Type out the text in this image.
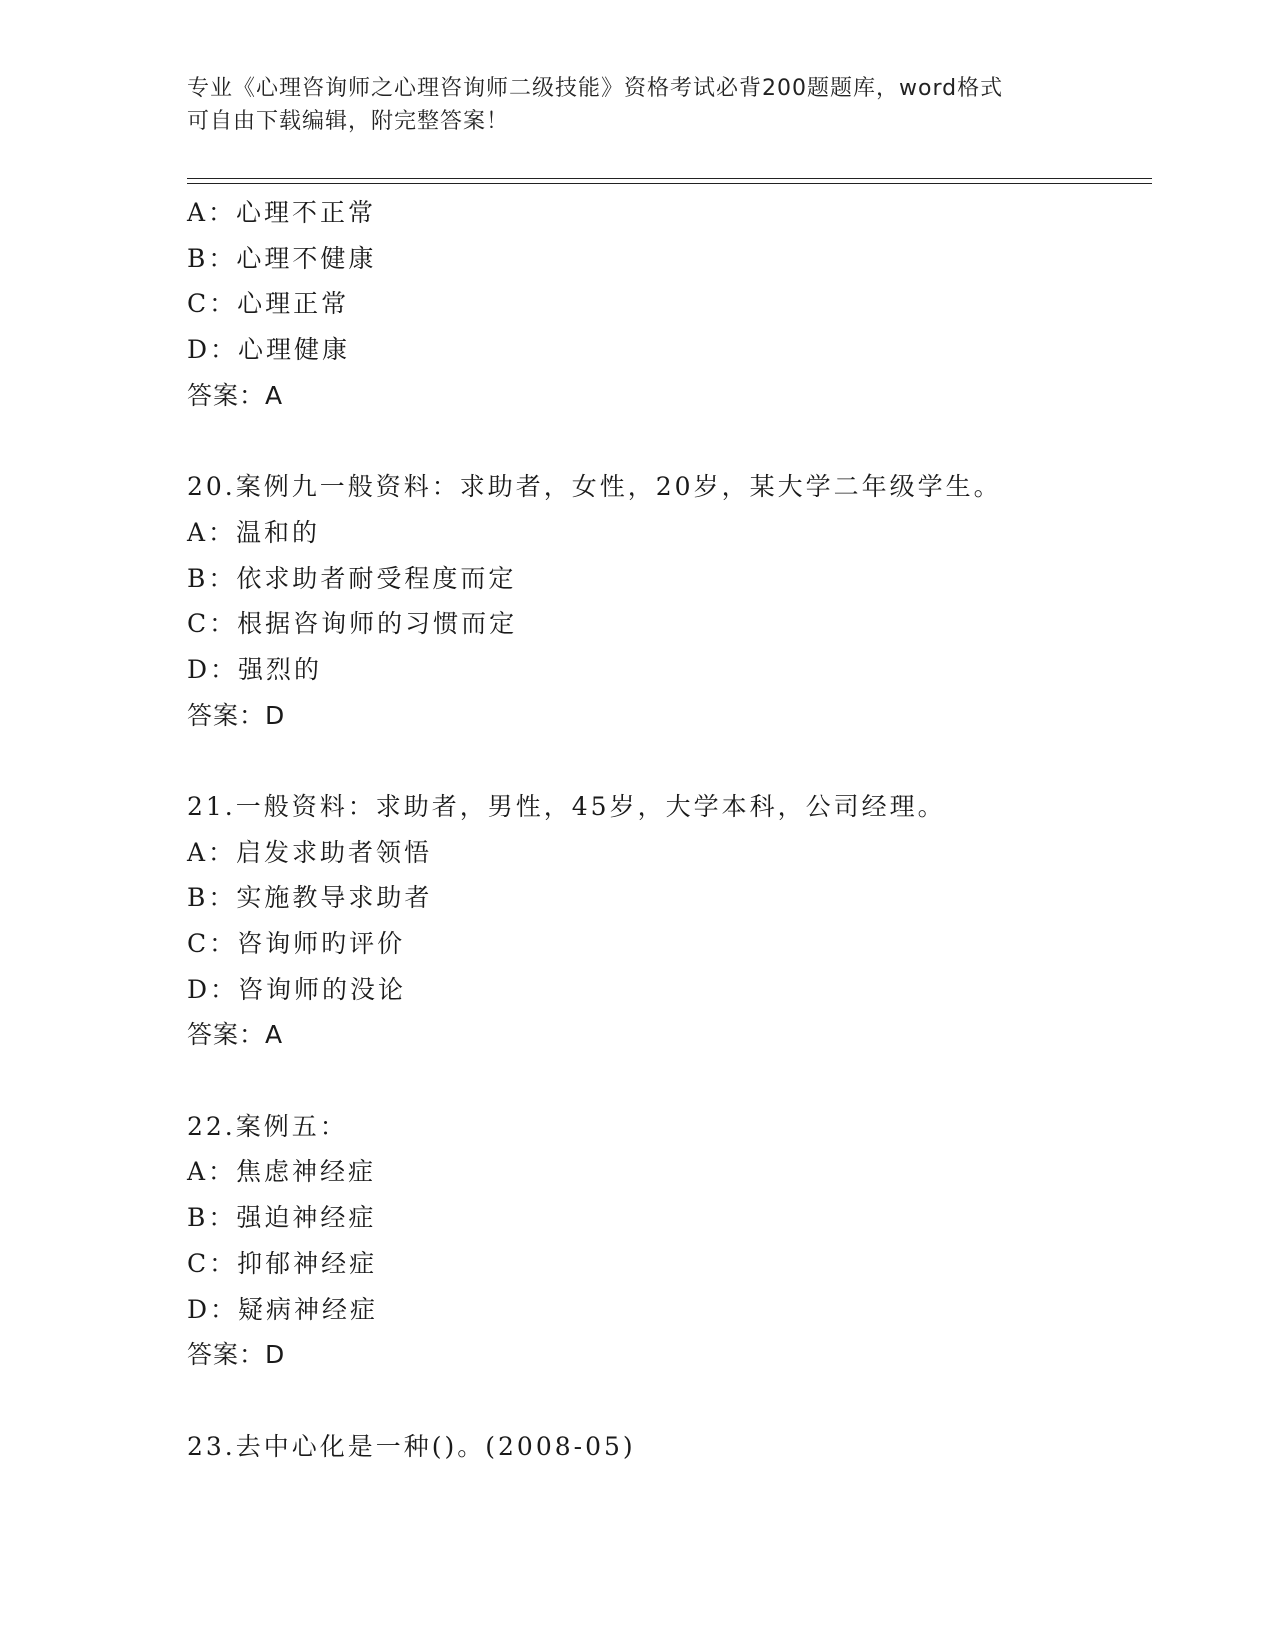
专业《心理咨询师之心理咨询师二级技能》资格考试必背200题题库，word格式
可自由下载编辑，附完整答案！
A：心理不正常
B：心理不健康
C：心理正常
D：心理健康
答案：A
20.案例九一般资料：求助者，女性，20岁，某大学二年级学生。
A：温和的
B：依求助者耐受程度而定
C：根据咨询师的习惯而定
D：强烈的
答案：D
21.一般资料：求助者，男性，45岁，大学本科，公司经理。
A：启发求助者领悟
B：实施教导求助者
C：咨询师旳评价
D：咨询师的没论
答案：A
22.案例五：
A：焦虑神经症
B：强迫神经症
C：抑郁神经症
D：疑病神经症
答案：D
23.去中心化是一种()。(2008-05)
